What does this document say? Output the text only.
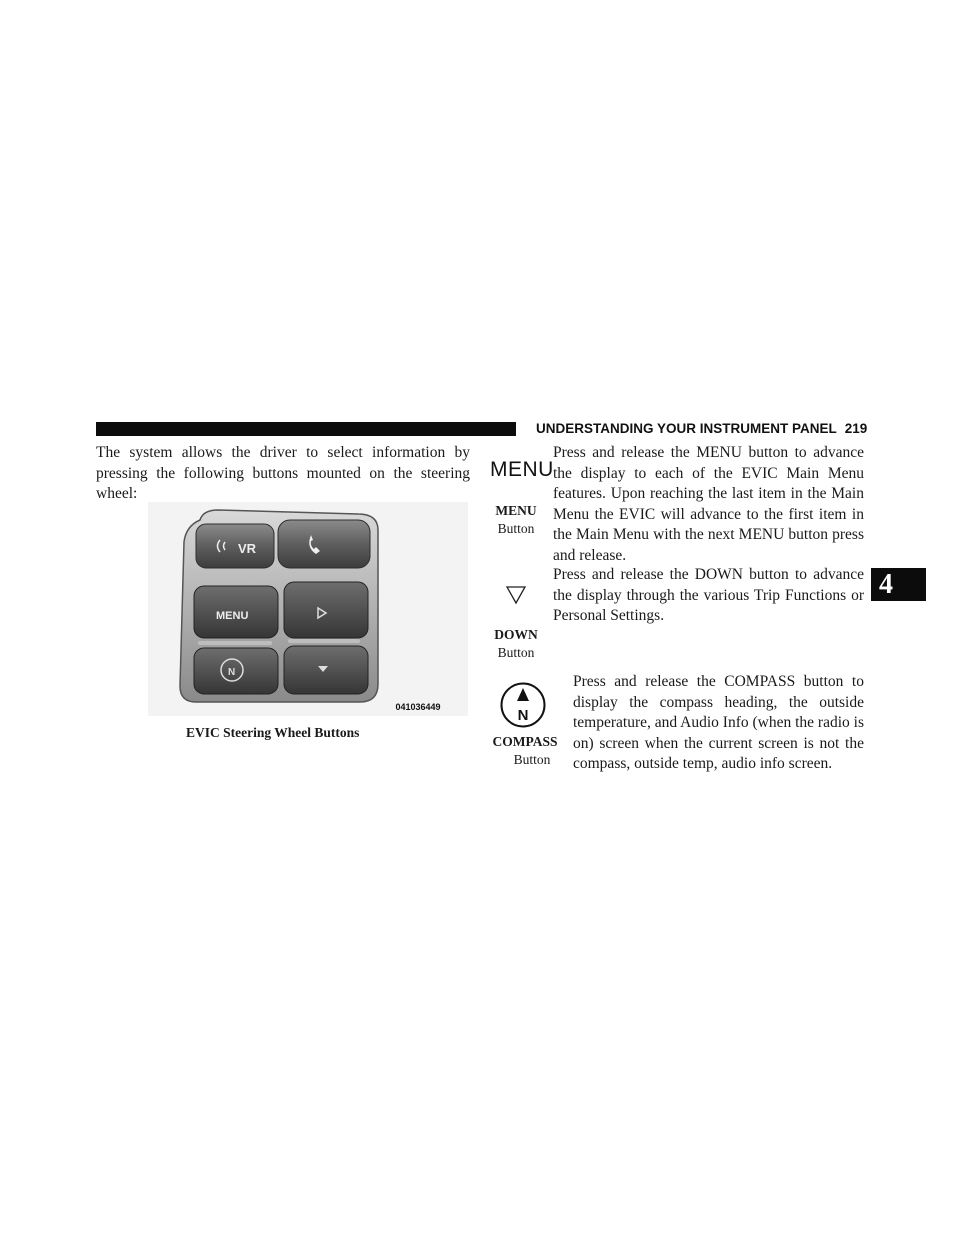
UNDERSTANDING YOUR INSTRUMENT PANEL 219
4

The system allows the driver to select information by pressing the following buttons mounted on the steering wheel:

VR
MENU
N
041036449
EVIC Steering Wheel Buttons
MENU
MENU
Button

Press and release the MENU button to advance the display to each of the EVIC Main Menu features. Upon reaching the last item in the Main Menu the EVIC will advance to the first item in the Main Menu with the next MENU button press and release.

DOWN
Button

Press and release the DOWN button to advance the display through the various Trip Functions or Personal Settings.

N
COMPASS
Button

Press and release the COMPASS button to display the compass heading, the outside temperature, and Audio Info (when the radio is on) screen when the current screen is not the compass, outside temp, audio info screen.
